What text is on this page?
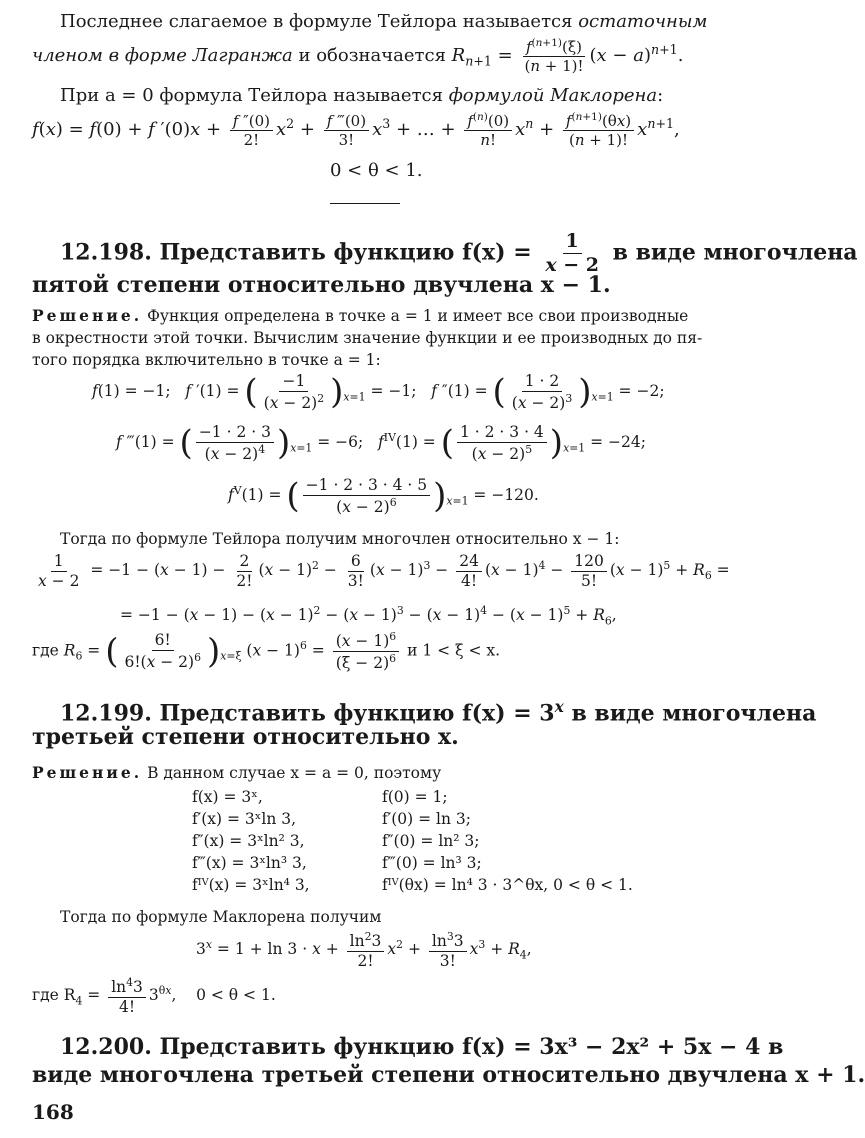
Последнее слагаемое в формуле Тейлора называется остаточным
членом в форме Лагранжа и обозначается $R_{n+1} = \frac{f^{(n+1)}(\xi)}{(n + 1)!} (x - a)^{n+1}$.
При a = 0 формула Тейлора называется формулой Маклорена:
f(x) = f(0) + f $'(0)x + \frac{f ''(0)}{2!} x^2 + \frac{f ‴(0)}{3!} x^3$ + … + $\frac{f^{(n)}(0)}{n!} x^n + \frac{f^{(n+1)}(\theta x)}{(n + 1)!} x^{n+1}$,
0 < θ < 1.
12.198. Представить функцию $f(x) = \frac{1}{x - 2}$ в виде многочлена
пятой степени относительно двучлена x − 1.
Решение. Функция определена в точке a = 1 и имеет все свои производные
в окрестности этой точки. Вычислим значение функции и ее производных до пя-
того порядка включительно в точке a = 1:
f(1) = −1;   f ′(1) = ( $\frac{-1}{(x - 2)^2} )_{x=1} = -1$;   f ″(1) = ( $\frac{1 \cdot 2}{(x - 2)^3} )_{x=1} = -2$;
f ‴(1) = ( $\frac{-1 \cdot 2 \cdot 3}{(x - 2)^4} )_{x=1} = -6$;   $f^{IV}(1)$ = ( $\frac{1 \cdot 2 \cdot 3 \cdot 4}{(x - 2)^5} )_{x=1} = -24$;
$f^V(1)$ = ( $\frac{-1 \cdot 2 \cdot 3 \cdot 4 \cdot 5}{(x - 2)^6} )_{x=1} = -120$.
Тогда по формуле Тейлора получим многочлен относительно x − 1:
$\frac{1}{x - 2} = -1 - (x - 1) - \frac{2}{2!} (x - 1)^2 - \frac{6}{3!} (x - 1)^3 - \frac{24}{4!} (x - 1)^4 - \frac{120}{5!} (x - 1)^5 + R_6$ =
= $-1 - (x - 1) - (x - 1)^2 - (x - 1)^3 - (x - 1)^4 - (x - 1)^5 + R_6$,
где $R_6$ = ( $\frac{6!}{6!(x - 2)^6} )_{x=\xi}$ $(x - 1)^6 = \frac{(x - 1)^6}{(\xi - 2)^6}$ и 1 < ξ < x.
12.199. Представить функцию $f(x) = 3^x$ в виде многочлена
третьей степени относительно x.
Решение. В данном случае x = a = 0, поэтому
f(x) = 3ˣ,
f′(x) = 3ˣln 3,
f″(x) = 3ˣln² 3,
f‴(x) = 3ˣln³ 3,
fᴵⱽ(x) = 3ˣln⁴ 3,
f(0) = 1;
f′(0) = ln 3;
f″(0) = ln² 3;
f‴(0) = ln³ 3;
fᴵⱽ(θx) = ln⁴ 3 · 3^θx, 0 < θ < 1.
Тогда по формуле Маклорена получим
$3^x = 1 + \ln 3 \cdot x + \frac{\ln^23}{2!} x^2 + \frac{\ln^33}{3!} x^3 + R_4$,
где $R_4 = \frac{\ln^43}{4!} 3^{\theta x}$,    0 < θ < 1.
12.200. Представить функцию f(x) = 3x³ − 2x² + 5x − 4 в
виде многочлена третьей степени относительно двучлена x + 1.
168
